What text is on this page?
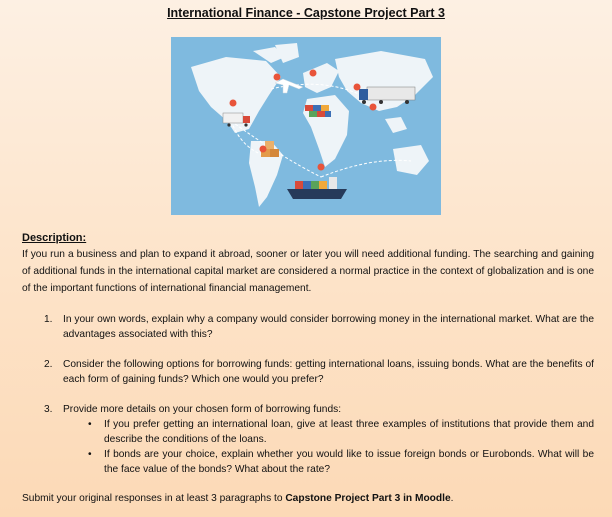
International Finance - Capstone Project Part 3
Description:
If you run a business and plan to expand it abroad, sooner or later you will need additional funding. The searching and gaining of additional funds in the international capital market are considered a normal practice in the context of globalization and is one of the important functions of international financial management.
1. In your own words, explain why a company would consider borrowing money in the international market. What are the advantages associated with this?
2. Consider the following options for borrowing funds: getting international loans, issuing bonds. What are the benefits of each form of gaining funds? Which one would you prefer?
3. Provide more details on your chosen form of borrowing funds:
• If you prefer getting an international loan, give at least three examples of institutions that provide them and describe the conditions of the loans.
• If bonds are your choice, explain whether you would like to issue foreign bonds or Eurobonds. What will be the face value of the bonds? What about the rate?
Submit your original responses in at least 3 paragraphs to Capstone Project Part 3 in Moodle.
